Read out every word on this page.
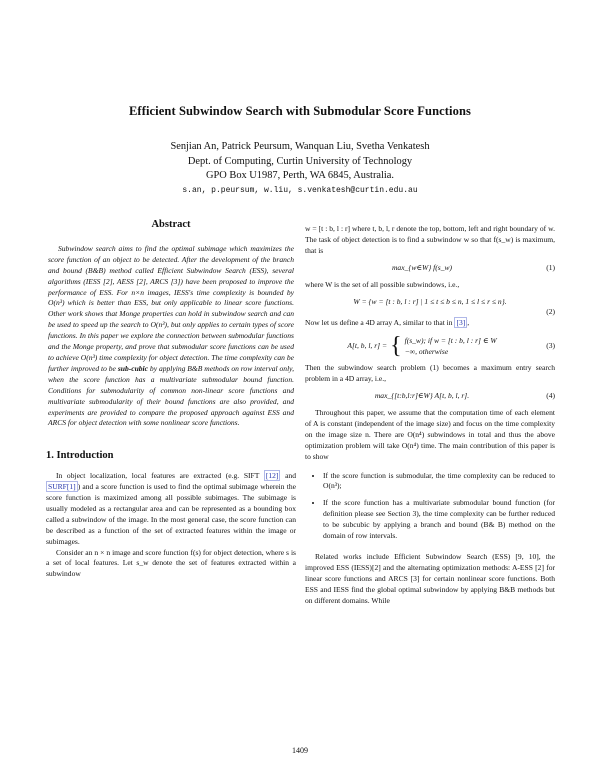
Efficient Subwindow Search with Submodular Score Functions
Senjian An, Patrick Peursum, Wanquan Liu, Svetha Venkatesh
Dept. of Computing, Curtin University of Technology
GPO Box U1987, Perth, WA 6845, Australia.
s.an, p.peursum, w.liu, s.venkatesh@curtin.edu.au
Abstract

Subwindow search aims to find the optimal subimage which maximizes the score function of an object to be detected. After the development of the branch and bound (B&B) method called Efficient Subwindow Search (ESS), several algorithms (IESS [2], AESS [2], ARCS [3]) have been proposed to improve the performance of ESS. For n×n images, IESS's time complexity is bounded by O(n³) which is better than ESS, but only applicable to linear score functions. Other work shows that Monge properties can hold in subwindow search and can be used to speed up the search to O(n³), but only applies to certain types of score functions. In this paper we explore the connection between submodular functions and the Monge property, and prove that submodular score functions can be used to achieve O(n³) time complexity for object detection. The time complexity can be further improved to be sub-cubic by applying B&B methods on row interval only, when the score function has a multivariate submodular bound function. Conditions for submodularity of common non-linear score functions and multivariate submodularity of their bound functions are also provided, and experiments are provided to compare the proposed approach against ESS and ARCS for object detection with some nonlinear score functions.

1. Introduction

In object localization, local features are extracted (e.g. SIFT [12] and SURF[1] ) and a score function is used to find the optimal subimage wherein the score function is maximized among all possible subimages. The subimage is usually modeled as a rectangular area and can be represented as a bounding box called a subwindow of the image. In the most general case, the score function can be described as a function of the set of extracted features within the image or subimages.

Consider an n × n image and score function f(s) for object detection, where s is a set of local features. Let s_w denote the set of features extracted within a subwindow

w = [t : b, l : r] where t, b, l, r denote the top, bottom, left and right boundary of w. The task of object detection is to find a subwindow w so that f(s_w) is maximum, that is

max_{w∈W} f(s_w)	(1)

where W is the set of all possible subwindows, i.e.,

W = {w = [t : b, l : r] | 1 ≤ t ≤ b ≤ n, 1 ≤ l ≤ r ≤ n}.
(2)

Now let us define a 4D array A, similar to that in [3] ,

A[t, b, l, r] = { f(s_w); if w = [t : b, l : r] ∈ W
−∞, otherwise
(3)

Then the subwindow search problem (1) becomes a maximum entry search problem in a 4D array, i.e.,

max_{[t:b,l:r]∈W} A[t, b, l, r].	(4)

Throughout this paper, we assume that the computation time of each element of A is constant (independent of the image size) and focus on the time complexity on the image size n. There are O(n⁴) subwindows in total and thus the above optimization problem will take O(n⁴) time. The main contribution of this paper is to show

• If the score function is submodular, the time complexity can be reduced to O(n³);
• If the score function has a multivariate submodular bound function (for definition please see Section 3), the time complexity can be further reduced to be subcubic by applying a branch and bound (B& B) method on the domain of row intervals.

Related works include Efficient Subwindow Search (ESS) [9, 10], the improved ESS (IESS)[2] and the alternating optimization methods: A-ESS [2] for linear score functions and ARCS [3] for certain nonlinear score functions. Both ESS and IESS find the global optimal subwindow by applying B&B methods but on different domains. While

1409
